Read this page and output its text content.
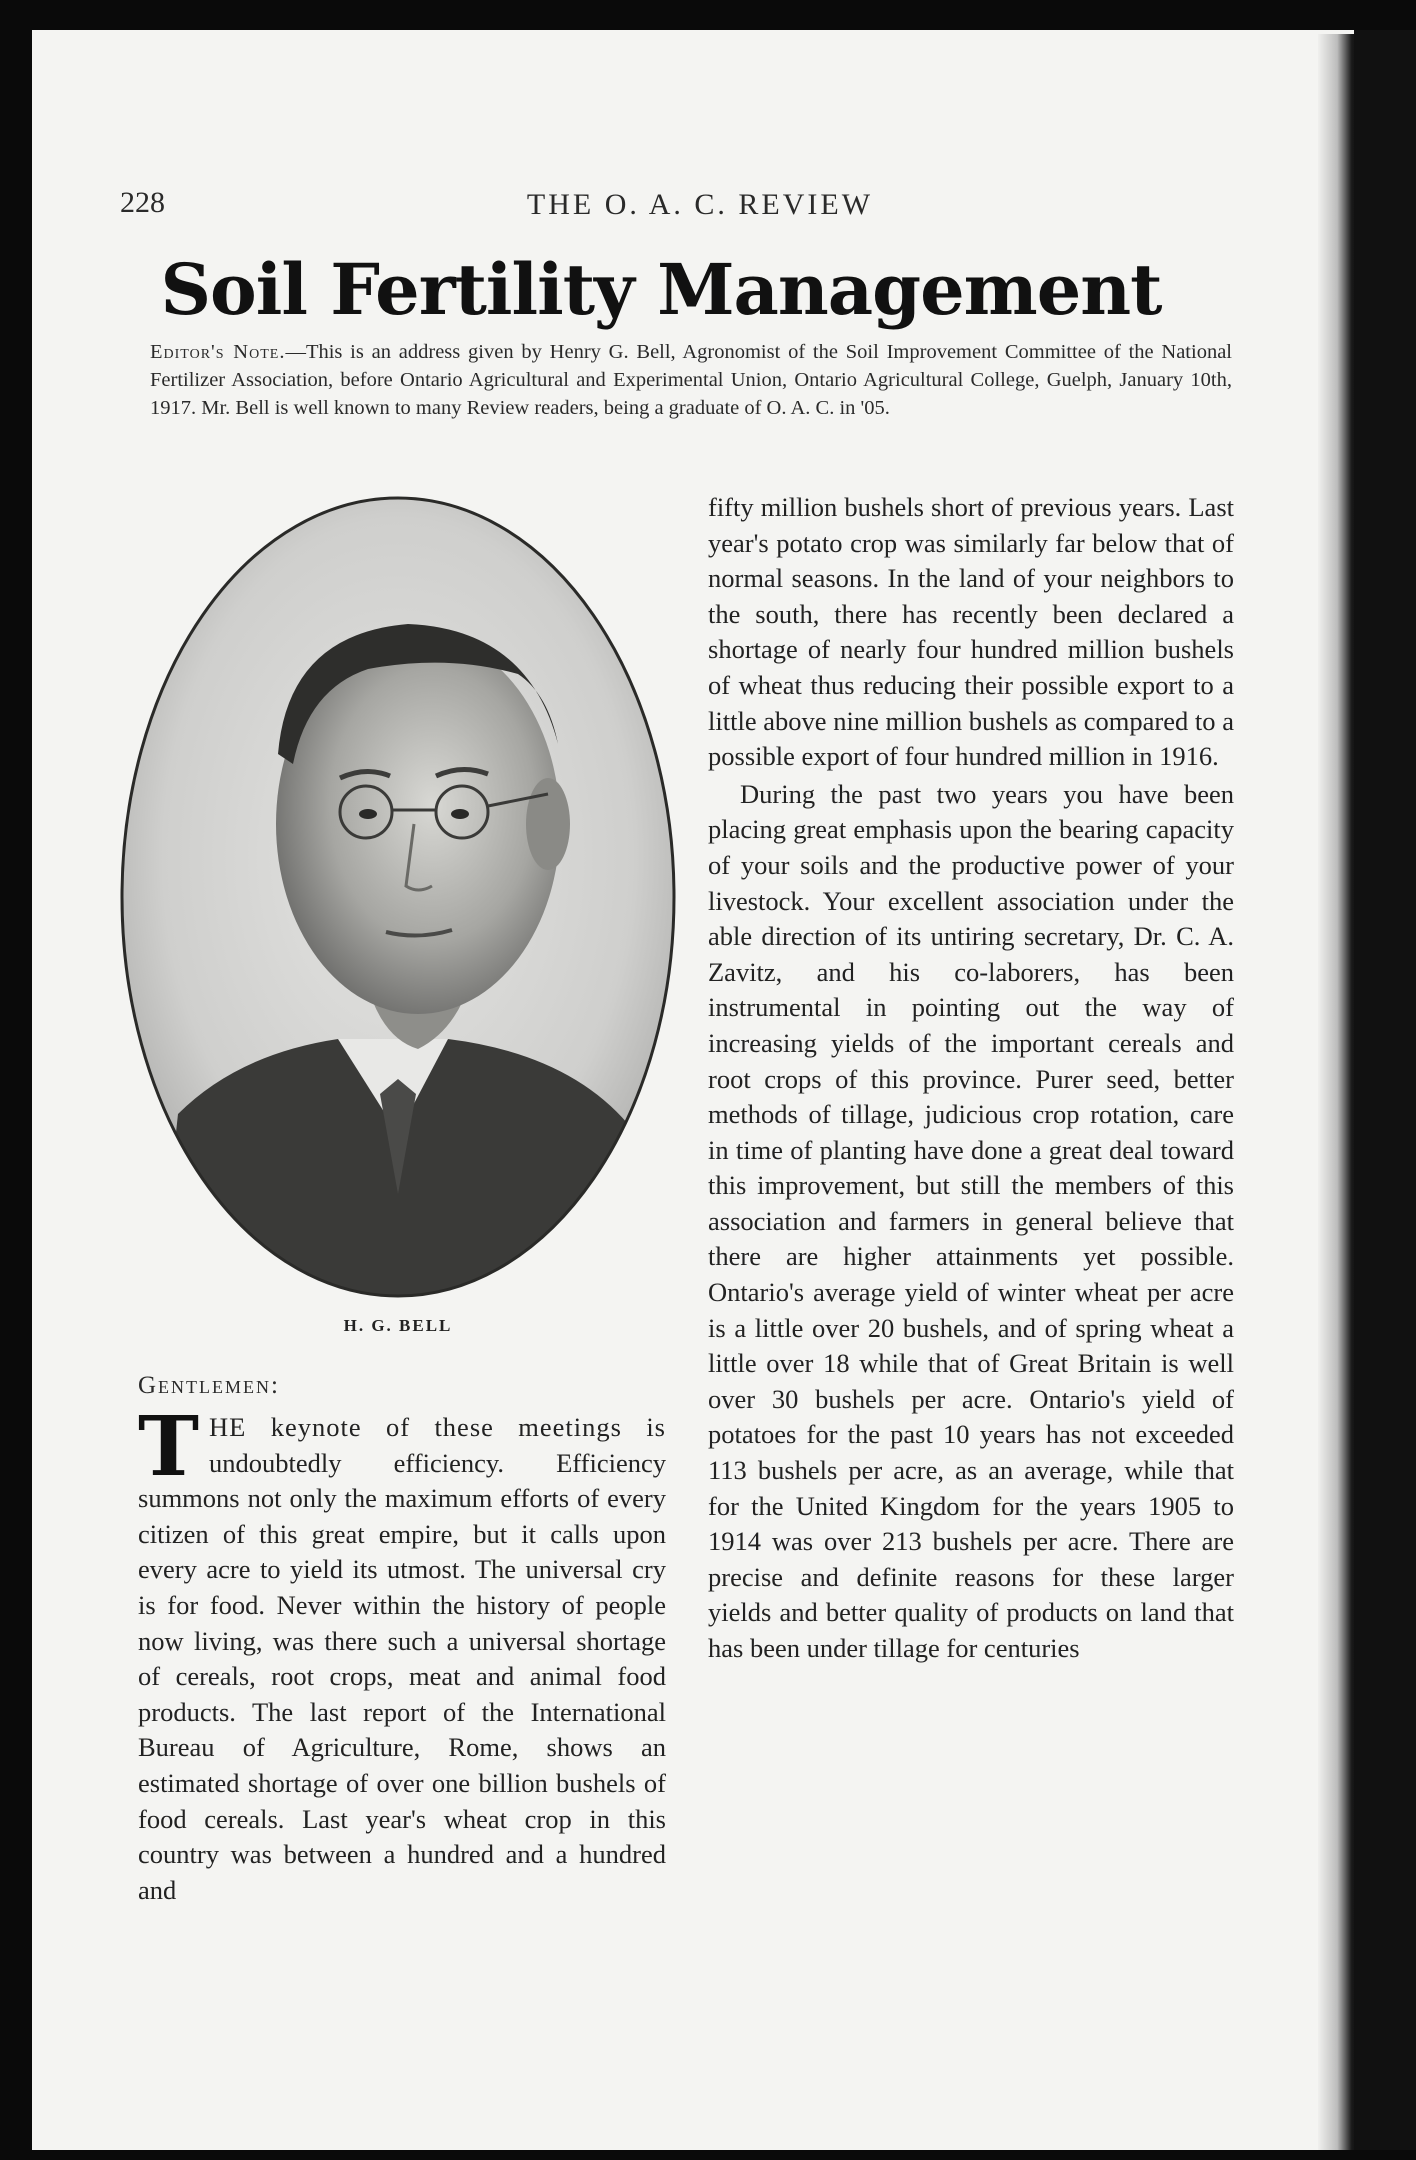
228	THE O. A. C. REVIEW
Soil Fertility Management
Editor's Note.—This is an address given by Henry G. Bell, Agronomist of the Soil Improvement Committee of the National Fertilizer Association, before Ontario Agricultural and Experimental Union, Ontario Agricultural College, Guelph, January 10th, 1917. Mr. Bell is well known to many Review readers, being a graduate of O. A. C. in '05.
H. G. BELL
Gentlemen:

THE keynote of these meetings is undoubtedly efficiency. Efficiency summons not only the maximum efforts of every citizen of this great empire, but it calls upon every acre to yield its utmost. The universal cry is for food. Never within the history of people now living, was there such a universal shortage of cereals, root crops, meat and animal food products. The last report of the International Bureau of Agriculture, Rome, shows an estimated shortage of over one billion bushels of food cereals. Last year's wheat crop in this country was between a hundred and a hundred and

fifty million bushels short of previous years. Last year's potato crop was similarly far below that of normal seasons. In the land of your neighbors to the south, there has recently been declared a shortage of nearly four hundred million bushels of wheat thus reducing their possible export to a little above nine million bushels as compared to a possible export of four hundred million in 1916.

During the past two years you have been placing great emphasis upon the bearing capacity of your soils and the productive power of your livestock. Your excellent association under the able direction of its untiring secretary, Dr. C. A. Zavitz, and his co-laborers, has been instrumental in pointing out the way of increasing yields of the important cereals and root crops of this province. Purer seed, better methods of tillage, judicious crop rotation, care in time of planting have done a great deal toward this improvement, but still the members of this association and farmers in general believe that there are higher attainments yet possible. Ontario's average yield of winter wheat per acre is a little over 20 bushels, and of spring wheat a little over 18 while that of Great Britain is well over 30 bushels per acre. Ontario's yield of potatoes for the past 10 years has not exceeded 113 bushels per acre, as an average, while that for the United Kingdom for the years 1905 to 1914 was over 213 bushels per acre. There are precise and definite reasons for these larger yields and better quality of products on land that has been under tillage for centuries
